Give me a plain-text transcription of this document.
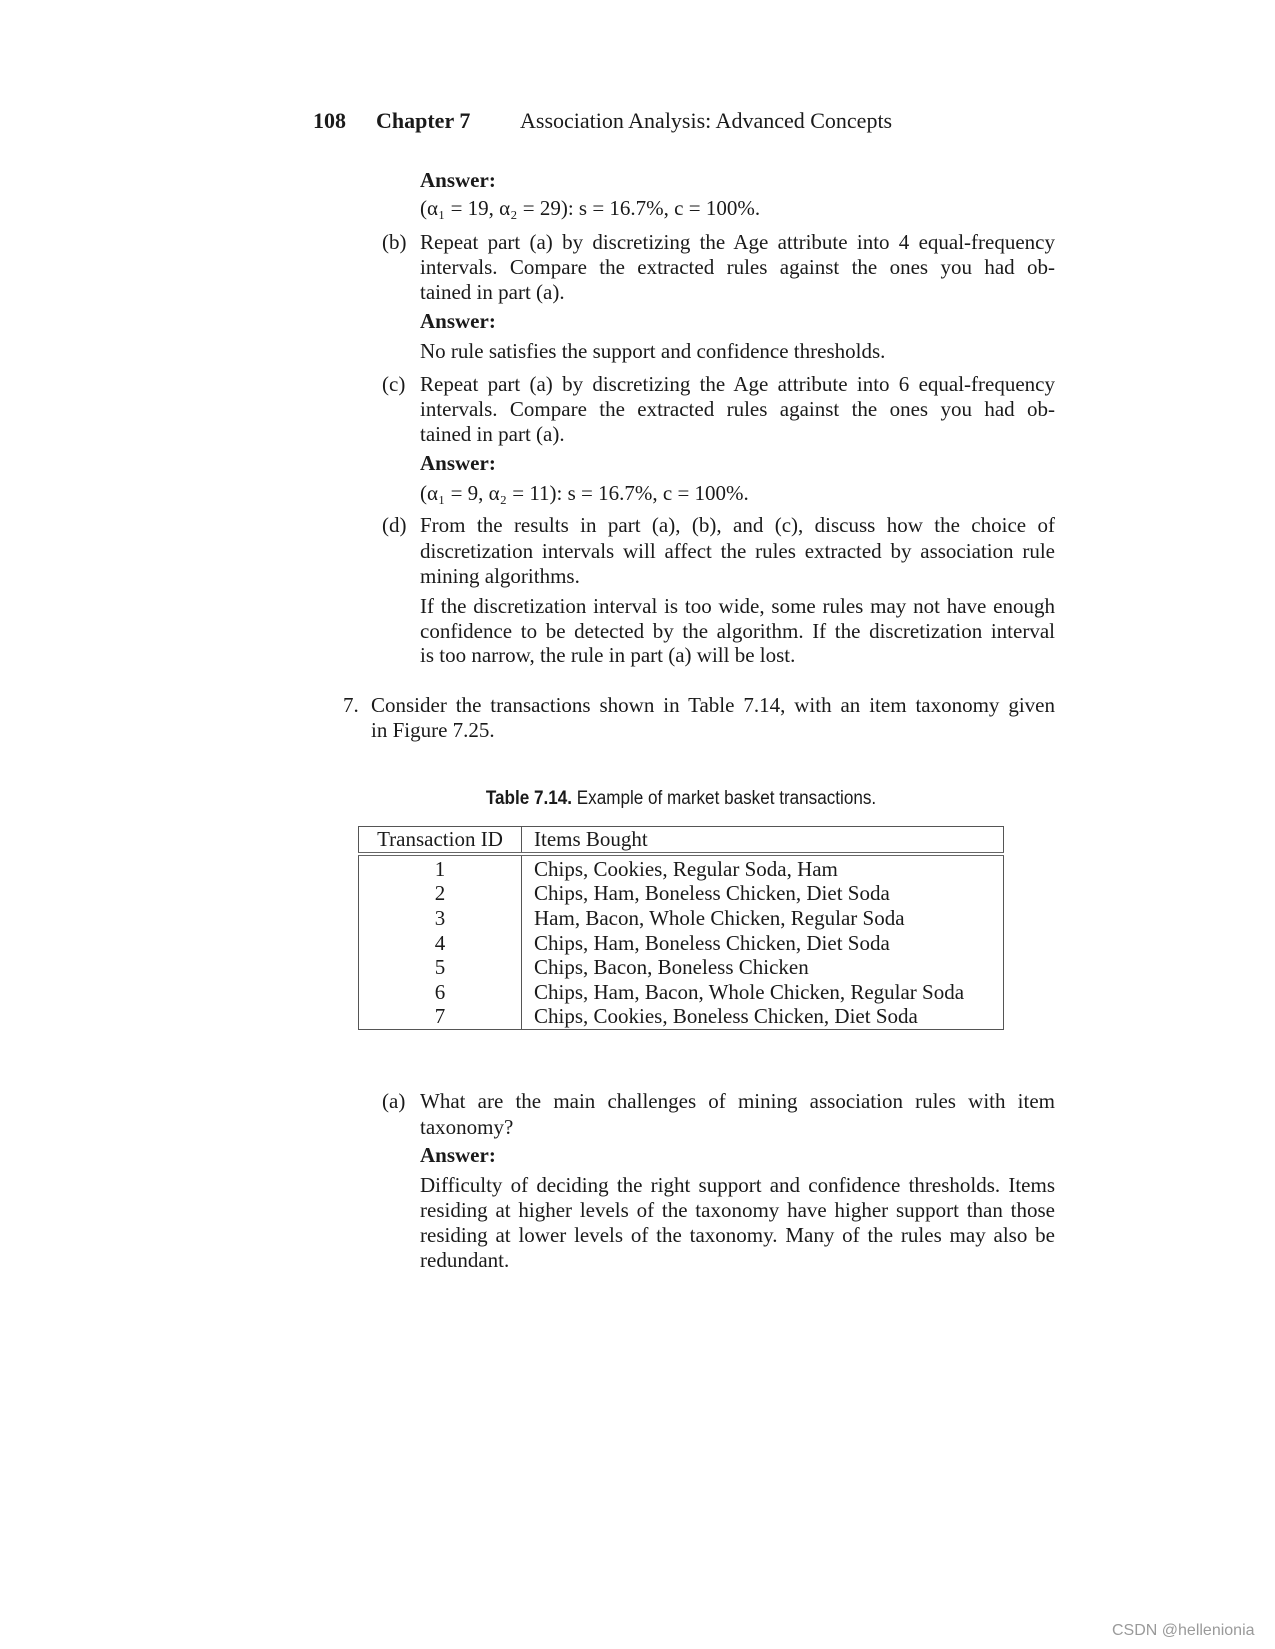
108 Chapter 7 Association Analysis: Advanced Concepts
Answer:
(α₁ = 19, α₂ = 29): s = 16.7%, c = 100%.
(b) Repeat part (a) by discretizing the Age attribute into 4 equal-frequency
intervals. Compare the extracted rules against the ones you had ob-
tained in part (a).
Answer:
No rule satisfies the support and confidence thresholds.
(c) Repeat part (a) by discretizing the Age attribute into 6 equal-frequency
intervals. Compare the extracted rules against the ones you had ob-
tained in part (a).
Answer:
(α₁ = 9, α₂ = 11): s = 16.7%, c = 100%.
(d) From the results in part (a), (b), and (c), discuss how the choice of
discretization intervals will affect the rules extracted by association rule
mining algorithms.
If the discretization interval is too wide, some rules may not have enough
confidence to be detected by the algorithm. If the discretization interval
is too narrow, the rule in part (a) will be lost.
7. Consider the transactions shown in Table 7.14, with an item taxonomy given
in Figure 7.25.
Table 7.14. Example of market basket transactions.
Transaction ID	Items Bought
1	Chips, Cookies, Regular Soda, Ham
2	Chips, Ham, Boneless Chicken, Diet Soda
3	Ham, Bacon, Whole Chicken, Regular Soda
4	Chips, Ham, Boneless Chicken, Diet Soda
5	Chips, Bacon, Boneless Chicken
6	Chips, Ham, Bacon, Whole Chicken, Regular Soda
7	Chips, Cookies, Boneless Chicken, Diet Soda
(a) What are the main challenges of mining association rules with item
taxonomy?
Answer:
Difficulty of deciding the right support and confidence thresholds. Items
residing at higher levels of the taxonomy have higher support than those
residing at lower levels of the taxonomy. Many of the rules may also be
redundant.
CSDN @hellenionia
